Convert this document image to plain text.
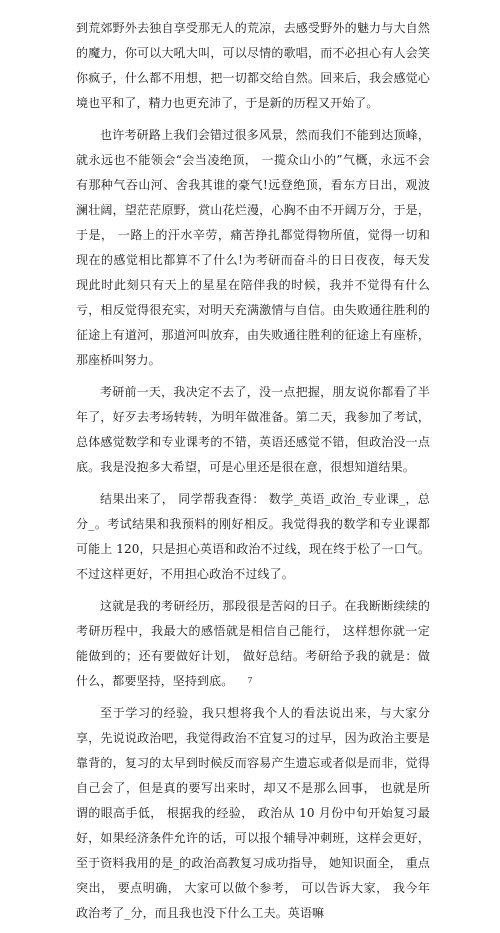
到荒郊野外去独自享受那无人的荒凉，去感受野外的魅力与大自然的魔力，你可以大吼大叫，可以尽情的歌唱，而不必担心有人会笑你疯子，什么都不用想，把一切都交给自然。回来后，我会感觉心境也平和了，精力也更充沛了，于是新的历程又开始了。

也许考研路上我们会错过很多风景，然而我们不能到达顶峰，就永远也不能领会“会当凌绝顶， 一揽众山小的”气概，永远不会有那种气吞山河、舍我其谁的豪气!远登绝顶，看东方日出，观波澜壮阔，望茫茫原野，赏山花烂漫，心胸不由不开阔万分，于是， 于是， 一路上的汗水辛劳，痛苦挣扎都觉得物所值，觉得一切和现在的感觉相比都算不了什么!为考研而奋斗的日日夜夜，每天发现此时此刻只有天上的星星在陪伴我的时候，我并不觉得有什么亏，相反觉得很充实，对明天充满激情与自信。由失败通往胜利的征途上有道河，那道河叫放弃，由失败通往胜利的征途上有座桥，那座桥叫努力。

考研前一天，我决定不去了，没一点把握，朋友说你都看了半年了，好歹去考场转转，为明年做准备。第二天，我参加了考试，总体感觉数学和专业课考的不错，英语还感觉不错，但政治没一点底。我是没抱多大希望，可是心里还是很在意，很想知道结果。

结果出来了， 同学帮我查得： 数学_英语_政治_专业课_，总分_。考试结果和我预料的刚好相反。我觉得我的数学和专业课都可能上 120，只是担心英语和政治不过线，现在终于松了一口气。不过这样更好，不用担心政治不过线了。

这就是我的考研经历，那段很是苦闷的日子。在我断断续续的考研历程中，我最大的感悟就是相信自己能行， 这样想你就一定能做到的；还有要做好计划， 做好总结。考研给予我的就是：做什么，都要坚持，坚持到底。

至于学习的经验，我只想将我个人的看法说出来，与大家分享，先说说政治吧，我觉得政治不宜复习的过早，因为政治主要是靠背的，复习的太早到时候反而容易产生遗忘或者似是而非，觉得自己会了，但是真的要写出来时，却又不是那么回事， 也就是所谓的眼高手低， 根据我的经验， 政治从 10 月份中旬开始复习最好，如果经济条件允许的话，可以报个辅导冲刺班，这样会更好，至于资料我用的是_的政治高教复习成功指导， 她知识面全， 重点突出， 要点明确， 大家可以做个参考， 可以告诉大家， 我今年政治考了_分，而且我也没下什么工夫。英语嘛

7
